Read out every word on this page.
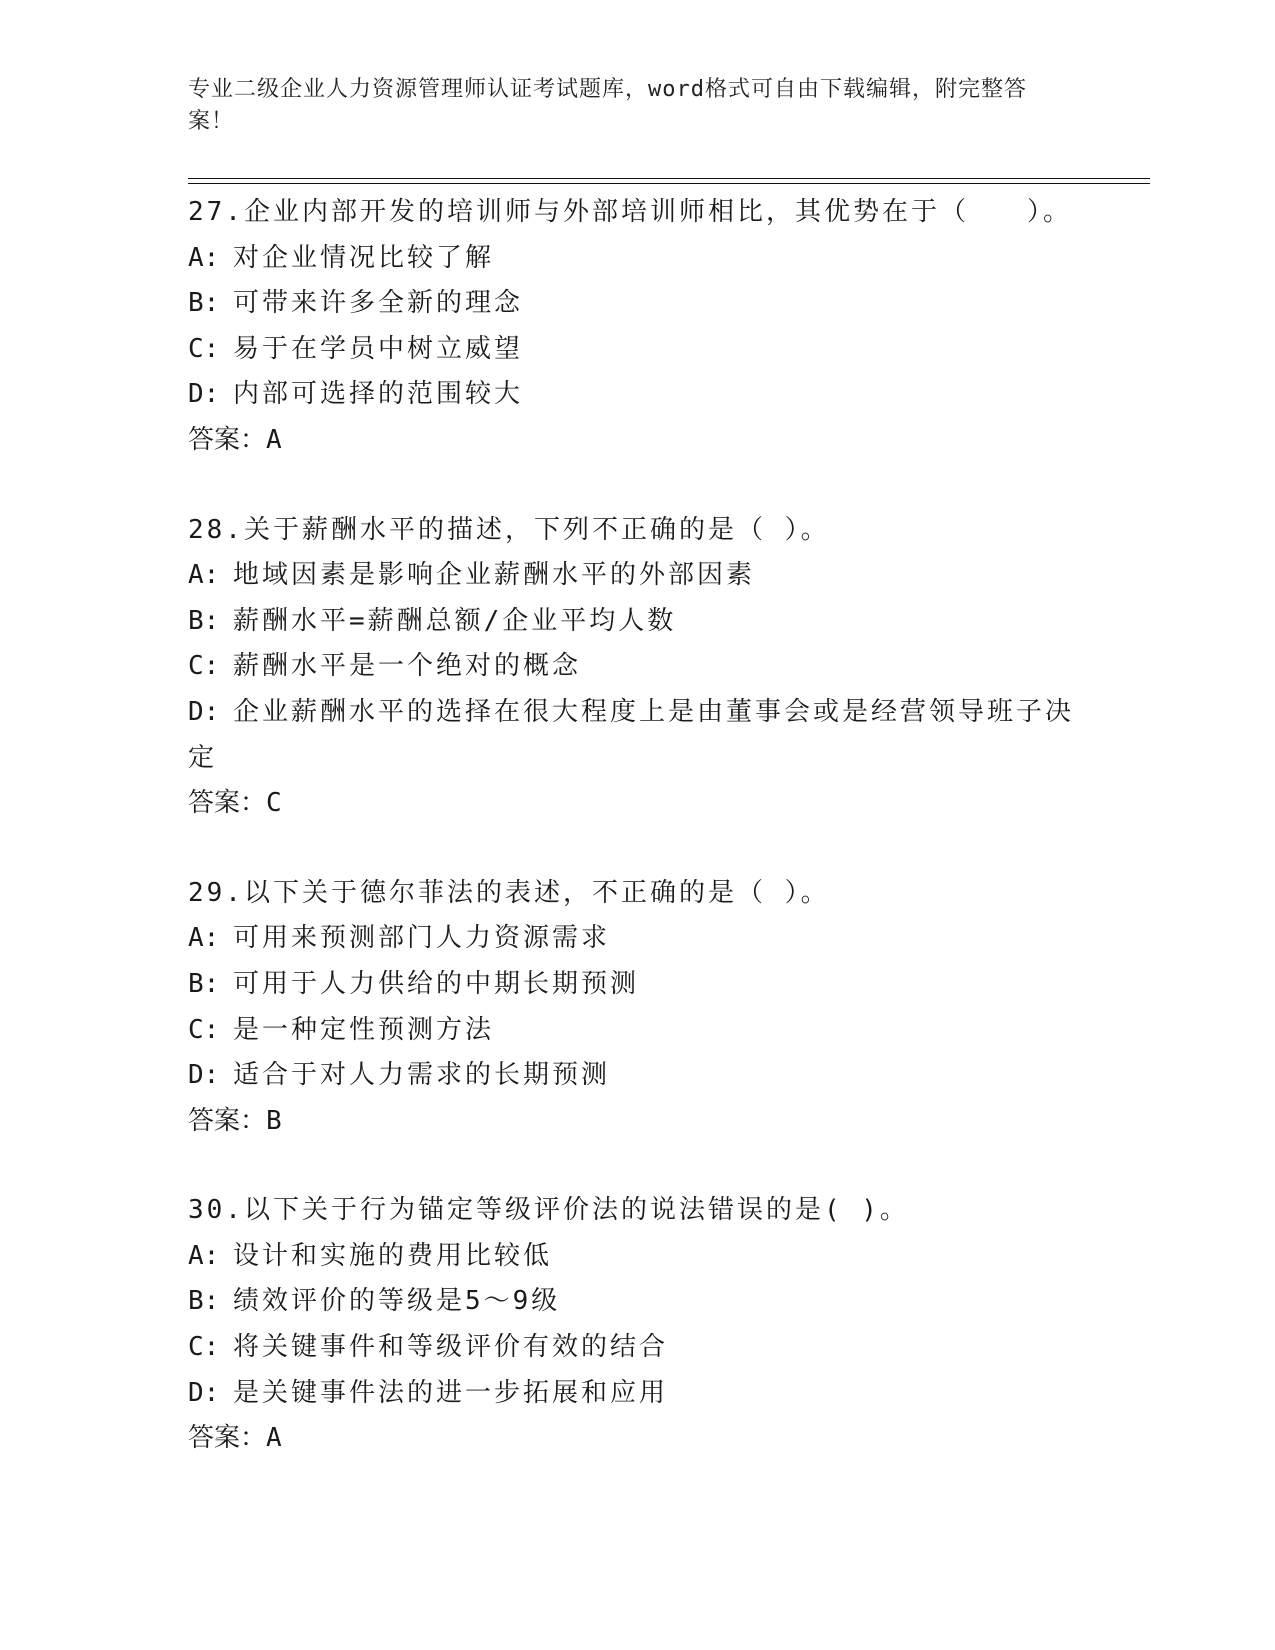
专业二级企业人力资源管理师认证考试题库，word格式可自由下载编辑，附完整答案！
27.企业内部开发的培训师与外部培训师相比，其优势在于（　　）。
A: 对企业情况比较了解
B: 可带来许多全新的理念
C: 易于在学员中树立威望
D: 内部可选择的范围较大
答案：A
28.关于薪酬水平的描述，下列不正确的是（ ）。
A: 地域因素是影响企业薪酬水平的外部因素
B: 薪酬水平=薪酬总额/企业平均人数
C: 薪酬水平是一个绝对的概念
D: 企业薪酬水平的选择在很大程度上是由董事会或是经营领导班子决定
答案：C
29.以下关于德尔菲法的表述，不正确的是（ ）。
A: 可用来预测部门人力资源需求
B: 可用于人力供给的中期长期预测
C: 是一种定性预测方法
D: 适合于对人力需求的长期预测
答案：B
30.以下关于行为锚定等级评价法的说法错误的是( )。
A: 设计和实施的费用比较低
B: 绩效评价的等级是5～9级
C: 将关键事件和等级评价有效的结合
D: 是关键事件法的进一步拓展和应用
答案：A
